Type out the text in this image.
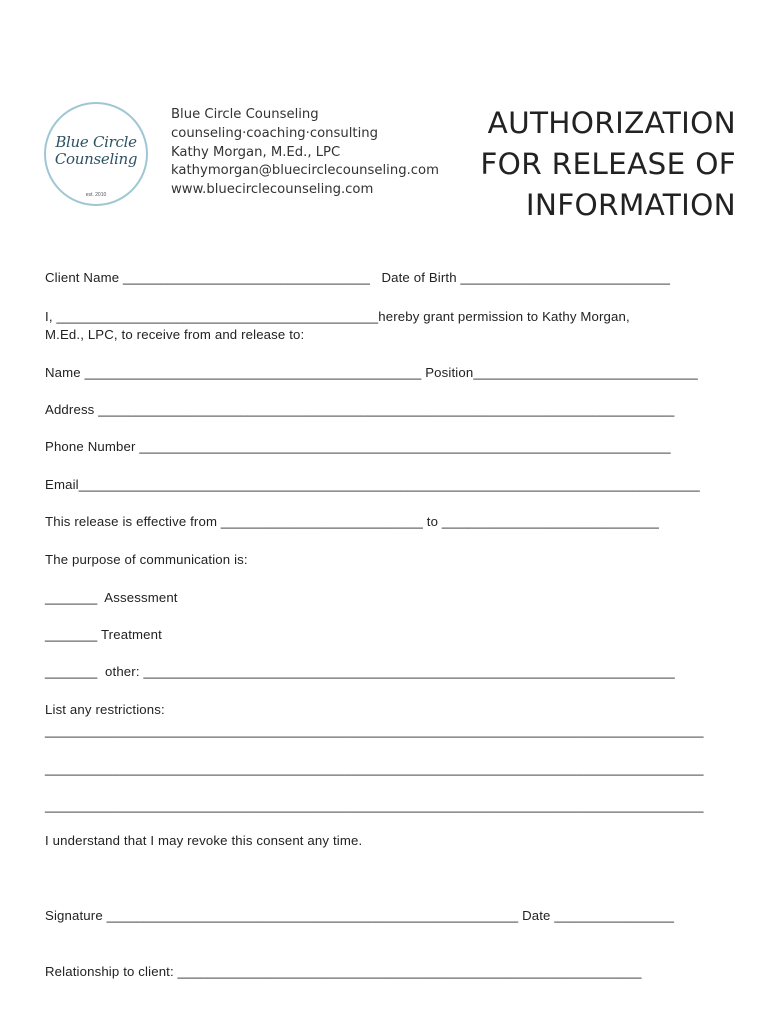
Blue Circle
Counseling
est. 2010
Blue Circle Counseling
counseling·coaching·consulting
Kathy Morgan, M.Ed., LPC
kathymorgan@bluecirclecounseling.com
www.bluecirclecounseling.com
AUTHORIZATION
FOR RELEASE OF
INFORMATION
Client Name _________________________________   Date of Birth ____________________________
I, ___________________________________________hereby grant permission to Kathy Morgan,
M.Ed., LPC, to receive from and release to:
Name _____________________________________________ Position______________________________
Address _____________________________________________________________________________
Phone Number _______________________________________________________________________
Email___________________________________________________________________________________
This release is effective from ___________________________ to _____________________________
The purpose of communication is:
_______  Assessment
_______ Treatment
_______  other: _______________________________________________________________________
List any restrictions:
________________________________________________________________________________________
________________________________________________________________________________________
________________________________________________________________________________________
I understand that I may revoke this consent any time.
Signature _______________________________________________________ Date ________________
Relationship to client: ______________________________________________________________
